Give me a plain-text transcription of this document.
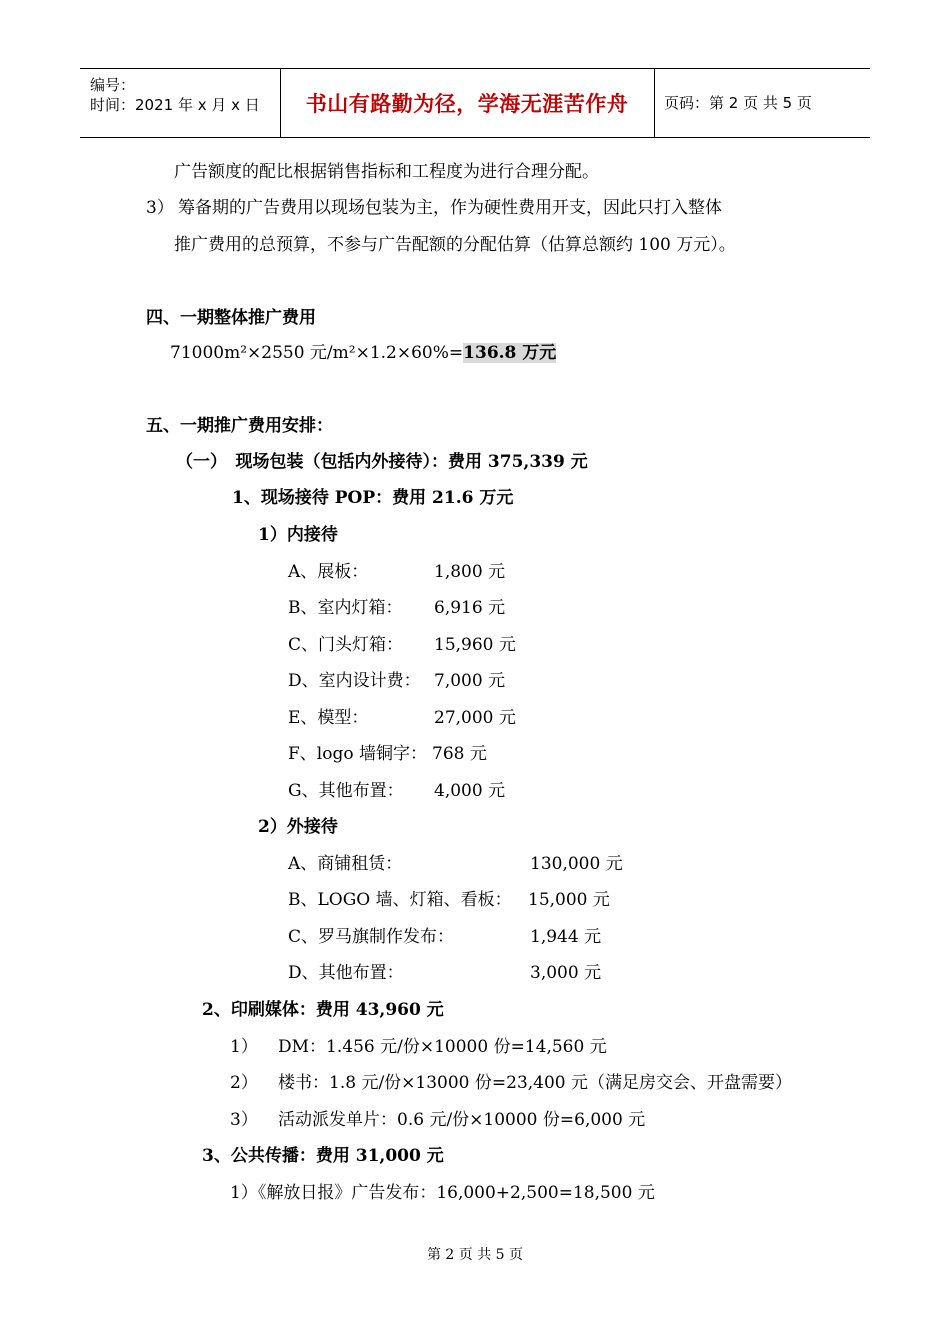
编号：
时间：2021 年 x 月 x 日	书山有路勤为径，学海无涯苦作舟	页码：第 2 页 共 5 页
广告额度的配比根据销售指标和工程度为进行合理分配。
3） 筹备期的广告费用以现场包装为主，作为硬性费用开支，因此只打入整体
推广费用的总预算，不参与广告配额的分配估算（估算总额约 100 万元）。
四、一期整体推广费用
71000m²×2550 元/m²×1.2×60%=136.8 万元
五、一期推广费用安排：
（一）　现场包装（包括内外接待）：费用 375,339 元
1、现场接待 POP：费用 21.6 万元
1）内接待
A、展板：	1,800 元
B、室内灯箱： 6,916 元
C、门头灯箱： 15,960 元
D、室内设计费： 7,000 元
E、模型：	27,000 元
F、logo 墙铜字： 768 元
G、其他布置： 4,000 元
2）外接待
A、商铺租赁：	130,000 元
B、LOGO 墙、灯箱、看板： 15,000 元
C、罗马旗制作发布：	1,944 元
D、其他布置：	3,000 元
2、印刷媒体：费用 43,960 元
1） DM：1.456 元/份×10000 份=14,560 元
2） 楼书：1.8 元/份×13000 份=23,400 元（满足房交会、开盘需要）
3） 活动派发单片：0.6 元/份×10000 份=6,000 元
3、公共传播：费用 31,000 元
1）《解放日报》广告发布：16,000+2,500=18,500 元
第 2 页 共 5 页
